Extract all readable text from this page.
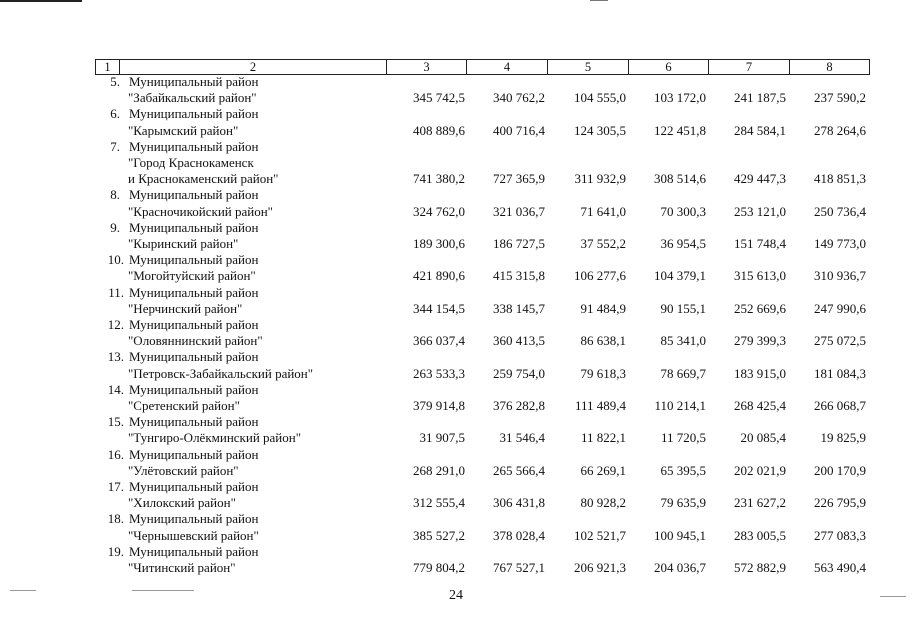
1	2	3	4	5	6	7	8
5. Муниципальный район
"Забайкальский район"	345 742,5	340 762,2	104 555,0	103 172,0	241 187,5	237 590,2
6. Муниципальный район
"Карымский район"	408 889,6	400 716,4	124 305,5	122 451,8	284 584,1	278 264,6
7. Муниципальный район
"Город Краснокаменск
и Краснокаменский район"	741 380,2	727 365,9	311 932,9	308 514,6	429 447,3	418 851,3
8. Муниципальный район
"Красночикойский район"	324 762,0	321 036,7	71 641,0	70 300,3	253 121,0	250 736,4
9. Муниципальный район
"Кыринский район"	189 300,6	186 727,5	37 552,2	36 954,5	151 748,4	149 773,0
10. Муниципальный район
"Могойтуйский район"	421 890,6	415 315,8	106 277,6	104 379,1	315 613,0	310 936,7
11. Муниципальный район
"Нерчинский район"	344 154,5	338 145,7	91 484,9	90 155,1	252 669,6	247 990,6
12. Муниципальный район
"Оловяннинский район"	366 037,4	360 413,5	86 638,1	85 341,0	279 399,3	275 072,5
13. Муниципальный район
"Петровск-Забайкальский район"	263 533,3	259 754,0	79 618,3	78 669,7	183 915,0	181 084,3
14. Муниципальный район
"Сретенский район"	379 914,8	376 282,8	111 489,4	110 214,1	268 425,4	266 068,7
15. Муниципальный район
"Тунгиро-Олёкминский район"	31 907,5	31 546,4	11 822,1	11 720,5	20 085,4	19 825,9
16. Муниципальный район
"Улётовский район"	268 291,0	265 566,4	66 269,1	65 395,5	202 021,9	200 170,9
17. Муниципальный район
"Хилокский район"	312 555,4	306 431,8	80 928,2	79 635,9	231 627,2	226 795,9
18. Муниципальный район
"Чернышевский район"	385 527,2	378 028,4	102 521,7	100 945,1	283 005,5	277 083,3
19. Муниципальный район
"Читинский район"	779 804,2	767 527,1	206 921,3	204 036,7	572 882,9	563 490,4
24
